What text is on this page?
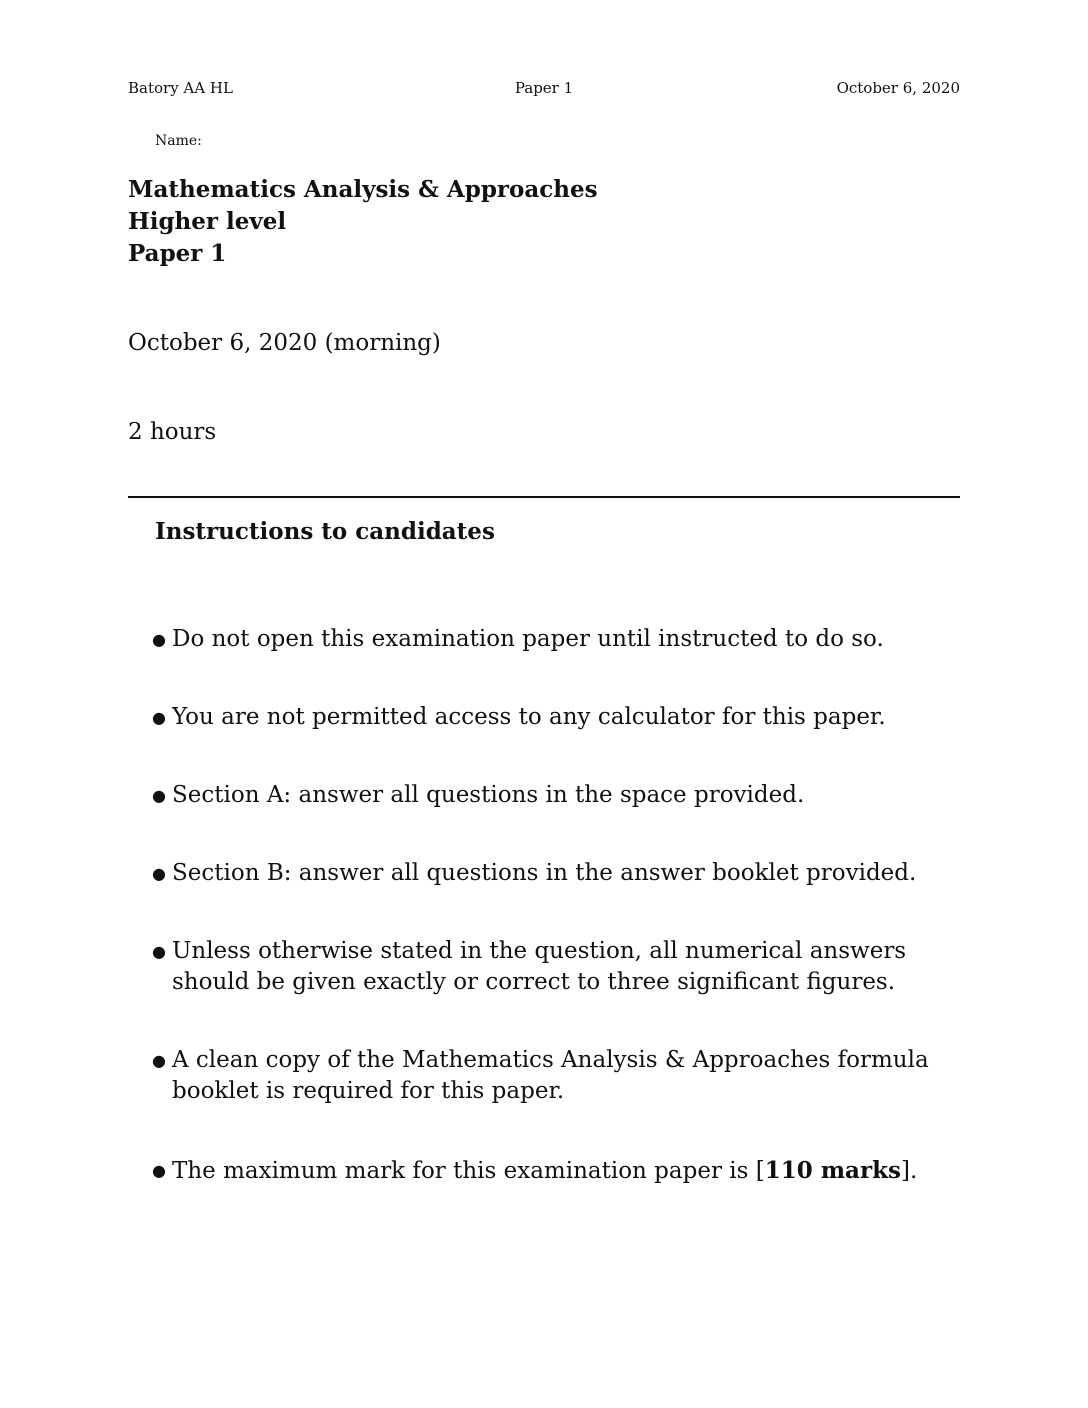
Batory AA HL	Paper 1	October 6, 2020
Name:
Mathematics Analysis & Approaches
Higher level
Paper 1
October 6, 2020 (morning)
2 hours
Instructions to candidates
● Do not open this examination paper until instructed to do so.
● You are not permitted access to any calculator for this paper.
● Section A: answer all questions in the space provided.
● Section B: answer all questions in the answer booklet provided.
● Unless otherwise stated in the question, all numerical answers should be given exactly or correct to three significant figures.
● A clean copy of the Mathematics Analysis & Approaches formula booklet is required for this paper.
● The maximum mark for this examination paper is [110 marks].
